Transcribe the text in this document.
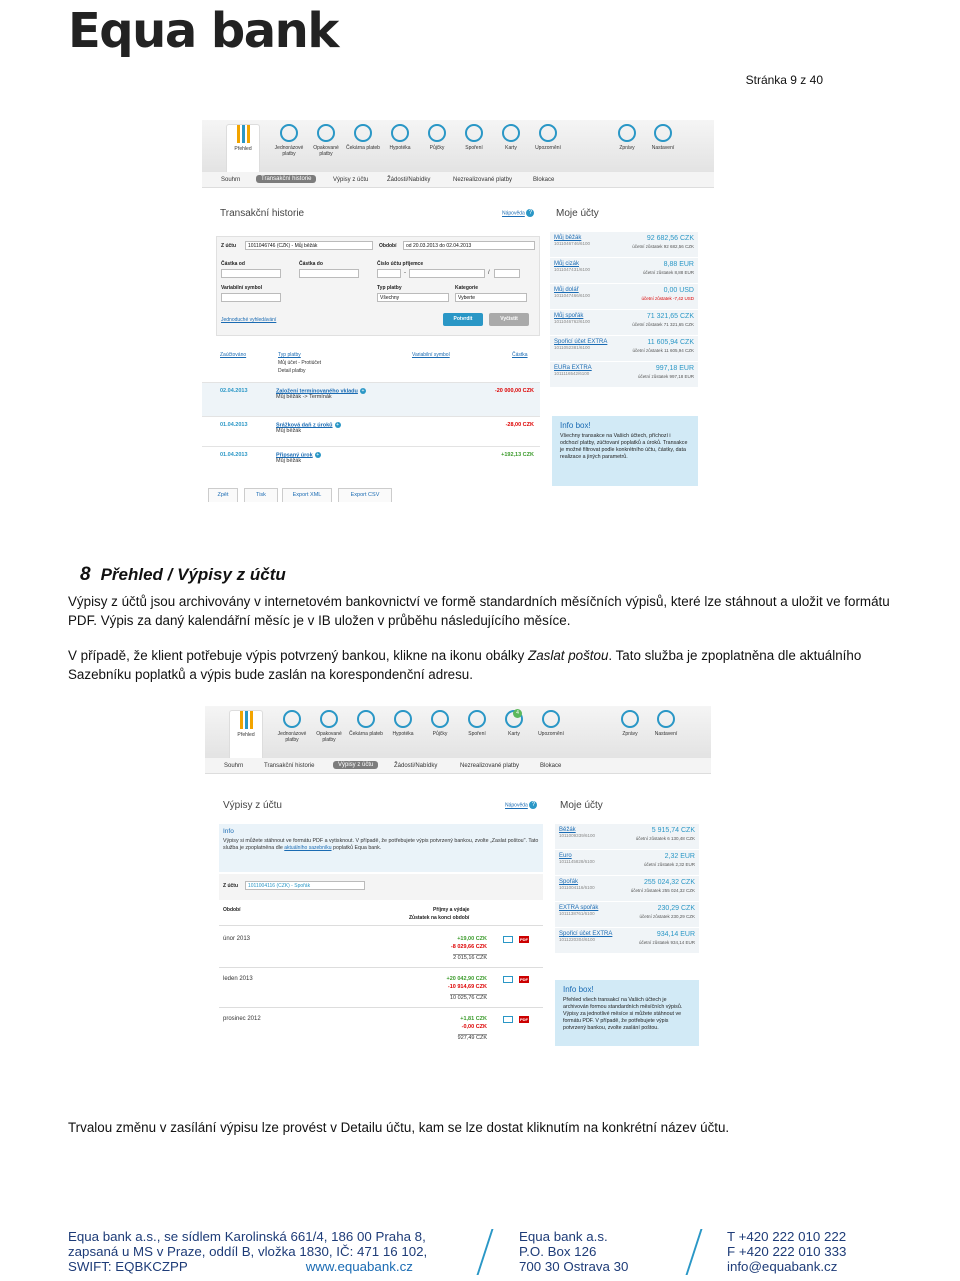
Equa bank
Stránka 9 z 40
Přehled	Jednorázové platby
Opakované platby
Čekárna plateb	Hypotéka	Půjčky	Spoření	Karty	Upozornění	Zprávy	Nastavení
Souhrn	Transakční historie	Výpisy z účtu	Žádosti/Nabídky	Nezrealizované platby	Blokace
Transakční historie	Nápověda ?
Z účtu	1011046746 (CZK) - Můj běžák	Období	od 20.03.2013 do 02.04.2013
Částka od	Částka do	Číslo účtu příjemce
-	/
Variabilní symbol	Typ platby
Všechny
Kategorie
Vyberte
Jednoduché vyhledávání	Potvrdit	Vyčistit
Zaúčtováno	Typ platby
Můj účet - Protiúčet
Detail platby
Variabilní symbol	Částka
02.04.2013	Založení termínovaného vkladu +
Můj běžák -> Termínák
-20 000,00 CZK
01.04.2013	Srážková daň z úroků +
Můj běžák
-28,00 CZK
01.04.2013	Připsaný úrok +
Můj běžák
+192,13 CZK
Zpět	Tisk	Export XML	Export CSV
Moje účty
Můj běžák
1011046746/6100
92 682,56 CZK
účetní zůstatek 92 682,56 CZK
Můj cizák
1011047431/6100
8,88 EUR
účetní zůstatek 8,88 EUR
Můj dolář
1011047466/6100
0,00 USD
účetní zůstatek -7,42 USD
Můj spořák
1011046762/6100
71 321,65 CZK
účetní zůstatek 71 321,65 CZK
Spořicí účet EXTRA
1011052381/6100
11 605,94 CZK
účetní zůstatek 11 605,94 CZK
EURa EXTRA
1011116542/6100
997,18 EUR
účetní zůstatek 997,18 EUR
Info box!
Všechny transakce na Vašich účtech, příchozí i odchozí platby, zúčtovaní poplatků a úroků. Transakce je možné filtrovat podle konkrétního účtu, částky, data realizace a jiných parametrů.
8 Přehled / Výpisy z účtu
Výpisy z účtů jsou archivovány v internetovém bankovnictví ve formě standardních měsíčních výpisů, které lze stáhnout a uložit ve formátu PDF. Výpis za daný kalendářní měsíc je v IB uložen v průběhu následujícího měsíce.
V případě, že klient potřebuje výpis potvrzený bankou, klikne na ikonu obálky Zaslat poštou. Tato služba je zpoplatněna dle aktuálního Sazebníku poplatků a výpis bude zaslán na korespondenční adresu.
Přehled	Jednorázové platby
Opakované platby
Čekárna plateb	Hypotéka	Půjčky	Spoření	Karty
4
Upozornění	Zprávy	Nastavení
Souhrn	Transakční historie	Výpisy z účtu	Žádosti/Nabídky	Nezrealizované platby	Blokace
Výpisy z účtu	Nápověda ?
Info
Výpisy si můžete stáhnout ve formátu PDF a vytisknout. V případě, že potřebujete výpis potvrzený bankou, zvolte „Zaslat poštou". Tato služba je zpoplatněna dle aktuálního sazebníku poplatků Equa bank.
Z účtu	1011004116 (CZK) - Spořák
Období	Příjmy a výdaje
Zůstatek na konci období
únor 2013	+19,00 CZK
-8 029,66 CZK
2 015,16 CZK
PDF
leden 2013	+20 042,90 CZK
-10 914,69 CZK
10 025,76 CZK
PDF
prosinec 2012	+1,81 CZK
-0,00 CZK
927,49 CZK
PDF
Moje účty
Běžák
1011009339/6100
5 915,74 CZK
účetní zůstatek 6 130,48 CZK
Euro
1011145828/6100
2,32 EUR
účetní zůstatek 2,32 EUR
Spořák
1011004116/6100
255 024,32 CZK
účetní zůstatek 255 024,32 CZK
EXTRA spořák
1011138761/6100
230,29 CZK
účetní zůstatek 230,29 CZK
Spořicí účet EXTRA
1011220304/6100
934,14 EUR
účetní zůstatek 934,14 EUR
Info box!
Přehled všech transakcí na Vašich účtech je archivován formou standardních měsíčních výpisů. Výpisy za jednotlivé měsíce si můžete stáhnout ve formátu PDF. V případě, že potřebujete výpis potvrzený bankou, zvolte zaslání poštou.
Trvalou změnu v zasílání výpisu lze provést v Detailu účtu, kam se lze dostat kliknutím na konkrétní název účtu.
Equa bank a.s., se sídlem Karolinská 661/4, 186 00 Praha 8,
zapsaná u MS v Praze, oddíl B, vložka 1830, IČ: 471 16 102,
SWIFT: EQBKCZPP	www.equabank.cz
Equa bank a.s.
P.O. Box 126
700 30 Ostrava 30
T +420 222 010 222
F +420 222 010 333
info@equabank.cz
